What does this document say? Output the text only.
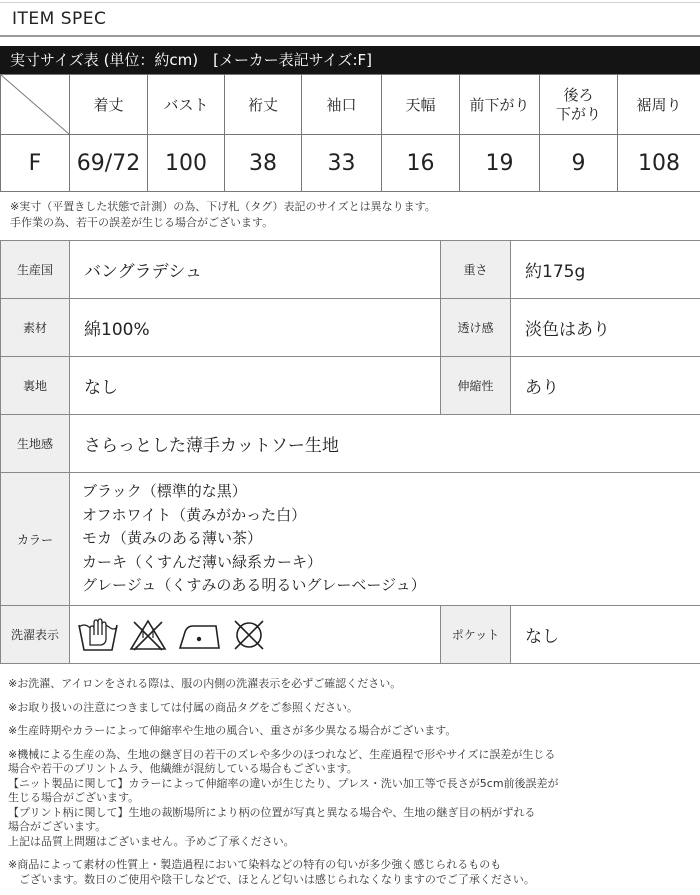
ITEM SPEC
実寸サイズ表 (単位：約cm)　[メーカー表記サイズ:F]
	着丈	バスト	裄丈	袖口	天幅	前下がり	後ろ
下がり	裾周り
F	69/72	100	38	33	16	19	9	108
※実寸（平置きした状態で計測）の為、下げ札（タグ）表記のサイズとは異なります。
手作業の為、若干の誤差が生じる場合がございます。
生産国	バングラデシュ	重さ	約175g
素材	綿100%	透け感	淡色はあり
裏地	なし	伸縮性	あり
生地感	さらっとした薄手カットソー生地		
カラー	ブラック（標準的な黒）
オフホワイト（黄みがかった白）
モカ（黄みのある薄い茶）
カーキ（くすんだ薄い緑系カーキ）
グレージュ（くすみのある明るいグレーベージュ）		

洗濯表示		ポケット	なし

※お洗濯、アイロンをされる際は、服の内側の洗濯表示を必ずご確認ください。

※お取り扱いの注意につきましては付属の商品タグをご参照ください。

※生産時期やカラーによって伸縮率や生地の風合い、重さが多少異なる場合がございます。

※機械による生産の為、生地の継ぎ目の若干のズレや多少のほつれなど、生産過程で形やサイズに誤差が生じる

場合や若干のプリントムラ、他繊維が混紡している場合もございます。

【ニット製品に関して】カラーによって伸縮率の違いが生じたり、プレス・洗い加工等で長さが5cm前後誤差が

生じる場合がございます。

【プリント柄に関して】生地の裁断場所により柄の位置が写真と異なる場合や、生地の継ぎ目の柄がずれる

場合がございます。

上記は品質上問題はございません。予めご了承ください。

※商品によって素材の性質上・製造過程において染料などの特有の匂いが多少強く感じられるものも

　ございます。数日のご使用や陰干しなどで、ほとんど匂いは感じられなくなりますのでご了承ください。
